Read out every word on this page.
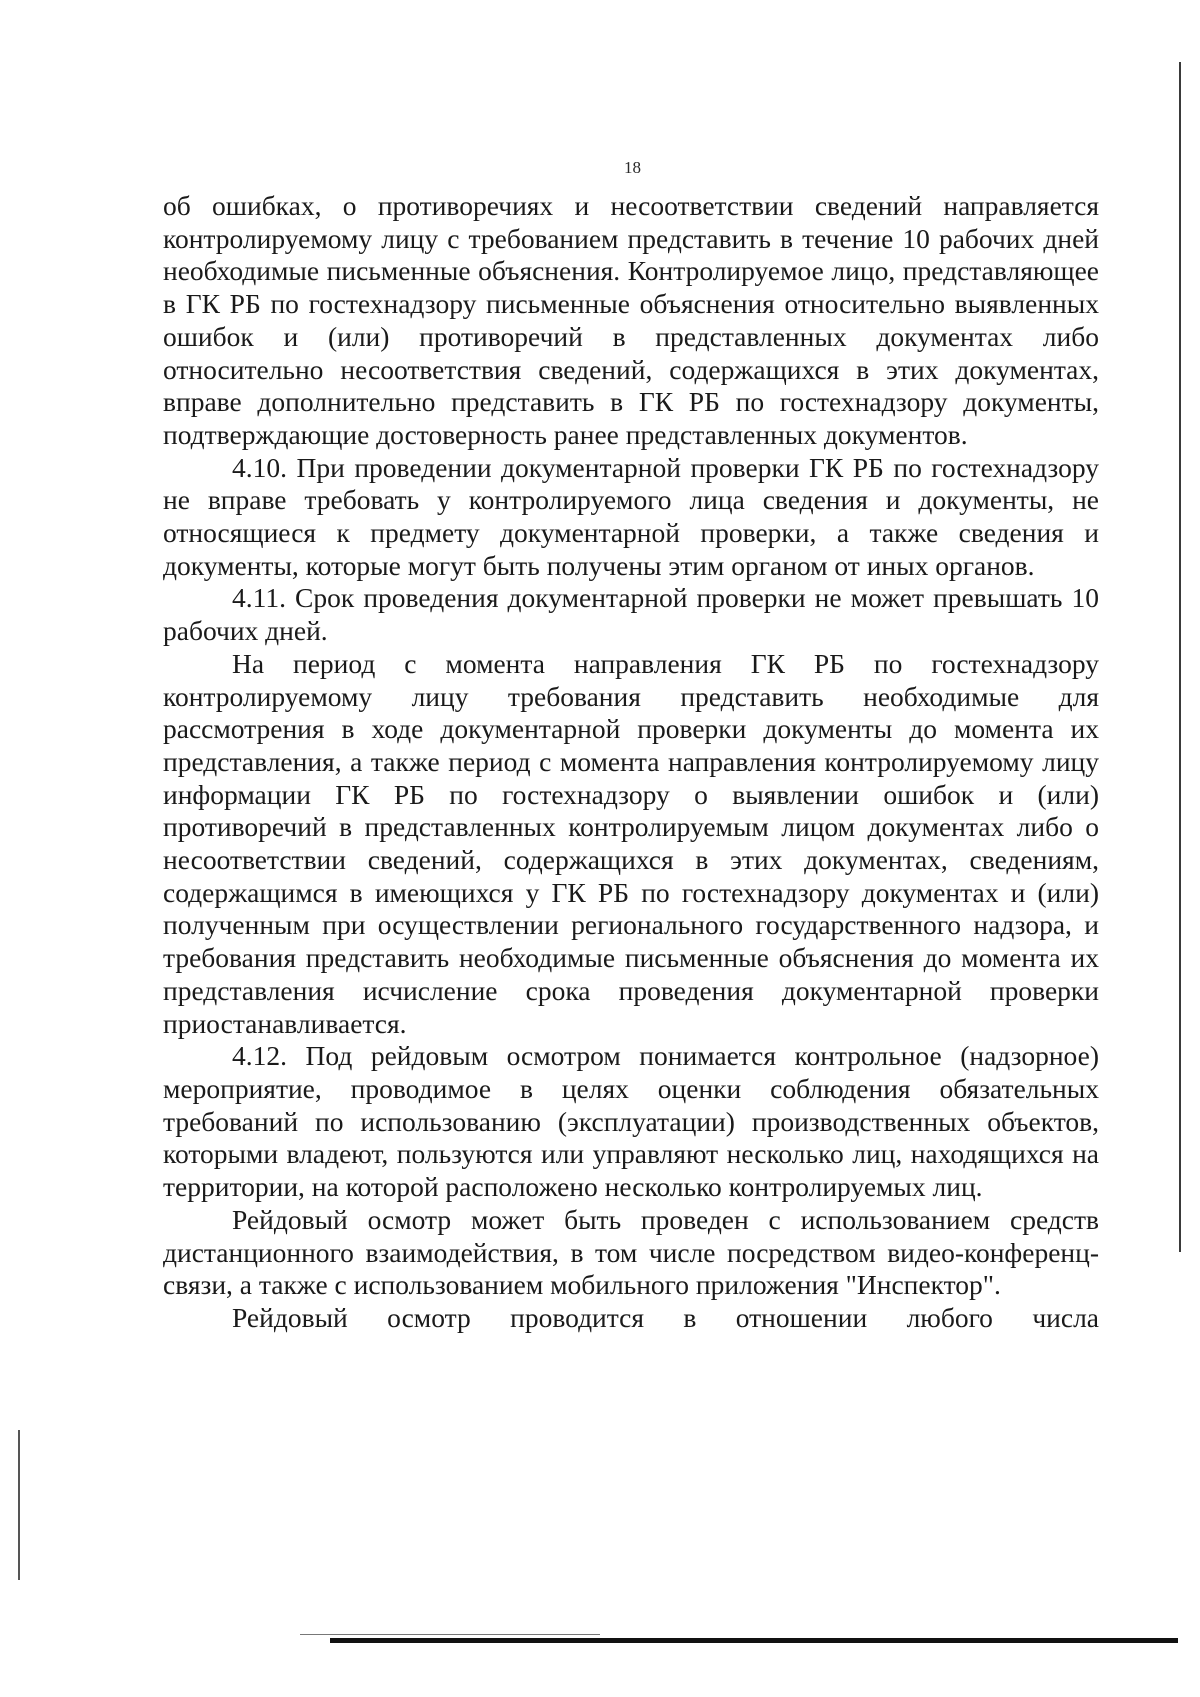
18

об ошибках, о противоречиях и несоответствии сведений направляется контролируемому лицу с требованием представить в течение 10 рабочих дней необходимые письменные объяснения. Контролируемое лицо, представляющее в ГК РБ по гостехнадзору письменные объяснения относительно выявленных ошибок и (или) противоречий в представленных документах либо относительно несоответствия сведений, содержащихся в этих документах, вправе дополнительно представить в ГК РБ по гостехнадзору документы, подтверждающие достоверность ранее представленных документов.

4.10. При проведении документарной проверки ГК РБ по гостехнадзору не вправе требовать у контролируемого лица сведения и документы, не относящиеся к предмету документарной проверки, а также сведения и документы, которые могут быть получены этим органом от иных органов.

4.11. Срок проведения документарной проверки не может превышать 10 рабочих дней.

На период с момента направления ГК РБ по гостехнадзору контролируемому лицу требования представить необходимые для рассмотрения в ходе документарной проверки документы до момента их представления, а также период с момента направления контролируемому лицу информации ГК РБ по гостехнадзору о выявлении ошибок и (или) противоречий в представленных контролируемым лицом документах либо о несоответствии сведений, содержащихся в этих документах, сведениям, содержащимся в имеющихся у ГК РБ по гостехнадзору документах и (или) полученным при осуществлении регионального государственного надзора, и требования представить необходимые письменные объяснения до момента их представления исчисление срока проведения документарной проверки приостанавливается.

4.12. Под рейдовым осмотром понимается контрольное (надзорное) мероприятие, проводимое в целях оценки соблюдения обязательных требований по использованию (эксплуатации) производственных объектов, которыми владеют, пользуются или управляют несколько лиц, находящихся на территории, на которой расположено несколько контролируемых лиц.

Рейдовый осмотр может быть проведен с использованием средств дистанционного взаимодействия, в том числе посредством видео-конференц-связи, а также с использованием мобильного приложения "Инспектор".

Рейдовый осмотр проводится в отношении любого числа
